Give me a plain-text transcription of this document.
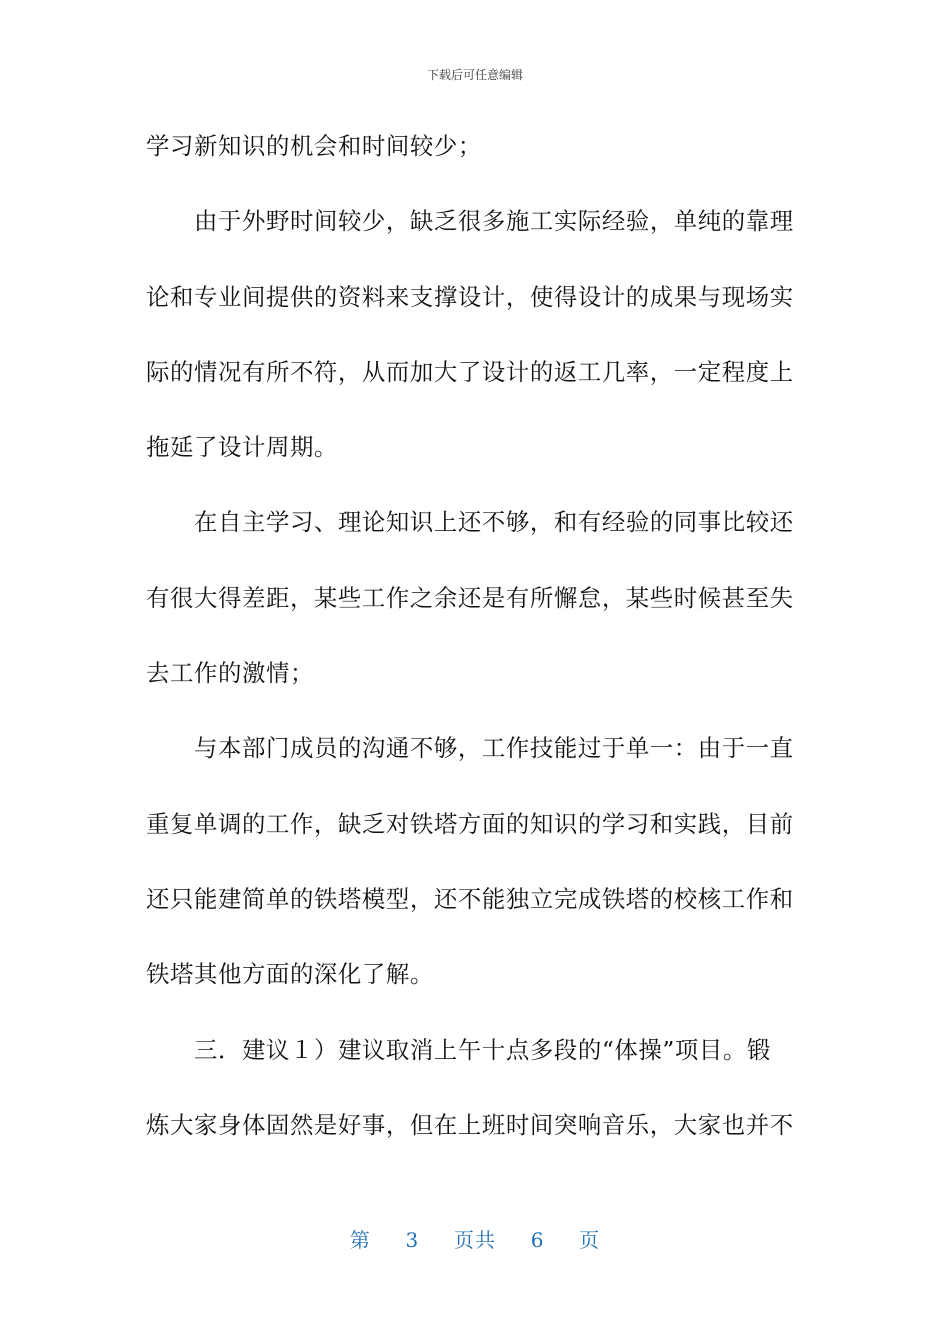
下载后可任意编辑
学习新知识的机会和时间较少；
由于外野时间较少，缺乏很多施工实际经验，单纯的靠理
论和专业间提供的资料来支撑设计，使得设计的成果与现场实
际的情况有所不符，从而加大了设计的返工几率，一定程度上
拖延了设计周期。
在自主学习、理论知识上还不够，和有经验的同事比较还
有很大得差距，某些工作之余还是有所懈怠，某些时候甚至失
去工作的激情；
与本部门成员的沟通不够，工作技能过于单一：由于一直
重复单调的工作，缺乏对铁塔方面的知识的学习和实践，目前
还只能建简单的铁塔模型，还不能独立完成铁塔的校核工作和
铁塔其他方面的深化了解。
三．建议１）建议取消上午十点多段的“体操”项目。锻
炼大家身体固然是好事，但在上班时间突响音乐，大家也并不
第 3 页共 6 页
